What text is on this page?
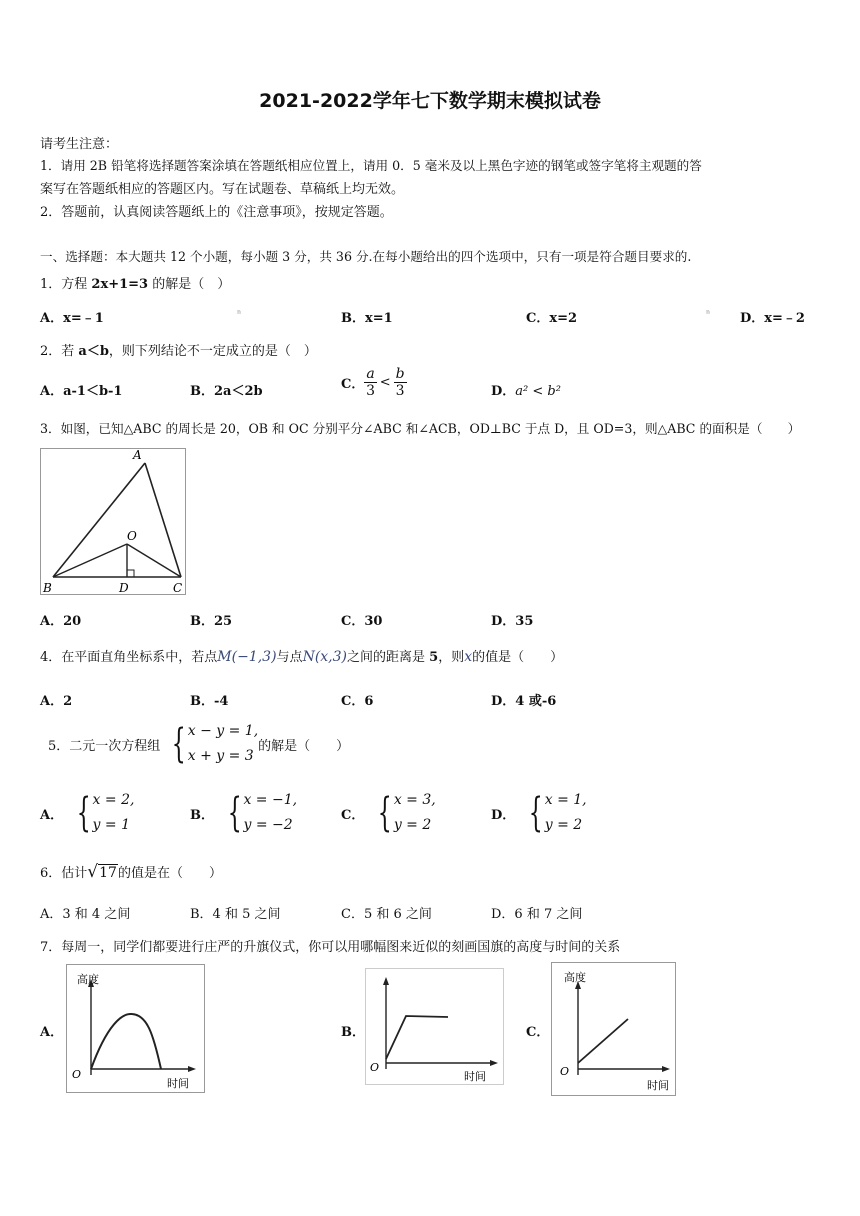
2021-2022学年七下数学期末模拟试卷
请考生注意：
1．请用 2B 铅笔将选择题答案涂填在答题纸相应位置上，请用 0．5 毫米及以上黑色字迹的钢笔或签字笔将主观题的答
案写在答题纸相应的答题区内。写在试题卷、草稿纸上均无效。
2．答题前，认真阅读答题纸上的《注意事项》，按规定答题。
一、选择题：本大题共 12 个小题，每小题 3 分，共 36 分.在每小题给出的四个选项中，只有一项是符合题目要求的.
1．方程 2x+1=3 的解是（　）
A．x=﹣1	ⁿ	B．x=1	C．x=2	ⁿ D．x=﹣2
2．若 a＜b，则下列结论不一定成立的是（　）
A．a-1＜b-1	B．2a＜2b	C． $\frac{a}{3} < \frac{b}{3}$	D．a² < b²
3．如图，已知△ABC 的周长是 20，OB 和 OC 分别平分∠ABC 和∠ACB，OD⊥BC 于点 D，且 OD=3，则△ABC 的面积是（　　）
A
O
B	D	C
A．20	B．25	C．30	D．35
4．在平面直角坐标系中，若点M(−1,3)与点N(x,3)之间的距离是 5，则x的值是（　　）
A．2	B．-4	C．6	D．4 或-6
5．二元一次方程组 { x − y = 1,
x + y = 3
的解是（　　）
A． { x = 2,
y = 1
B． { x = −1,
y = −2
C． { x = 3,
y = 2
D． { x = 1,
y = 2
6．估计 √ 17 的值是在（　　）
A．3 和 4 之间	B．4 和 5 之间	C．5 和 6 之间	D．6 和 7 之间
7．每周一，同学们都要进行庄严的升旗仪式，你可以用哪幅图来近似的刻画国旗的高度与时间的关系
A．
高度
时间
O
B．
O
时间
C．
高度
O
时间
